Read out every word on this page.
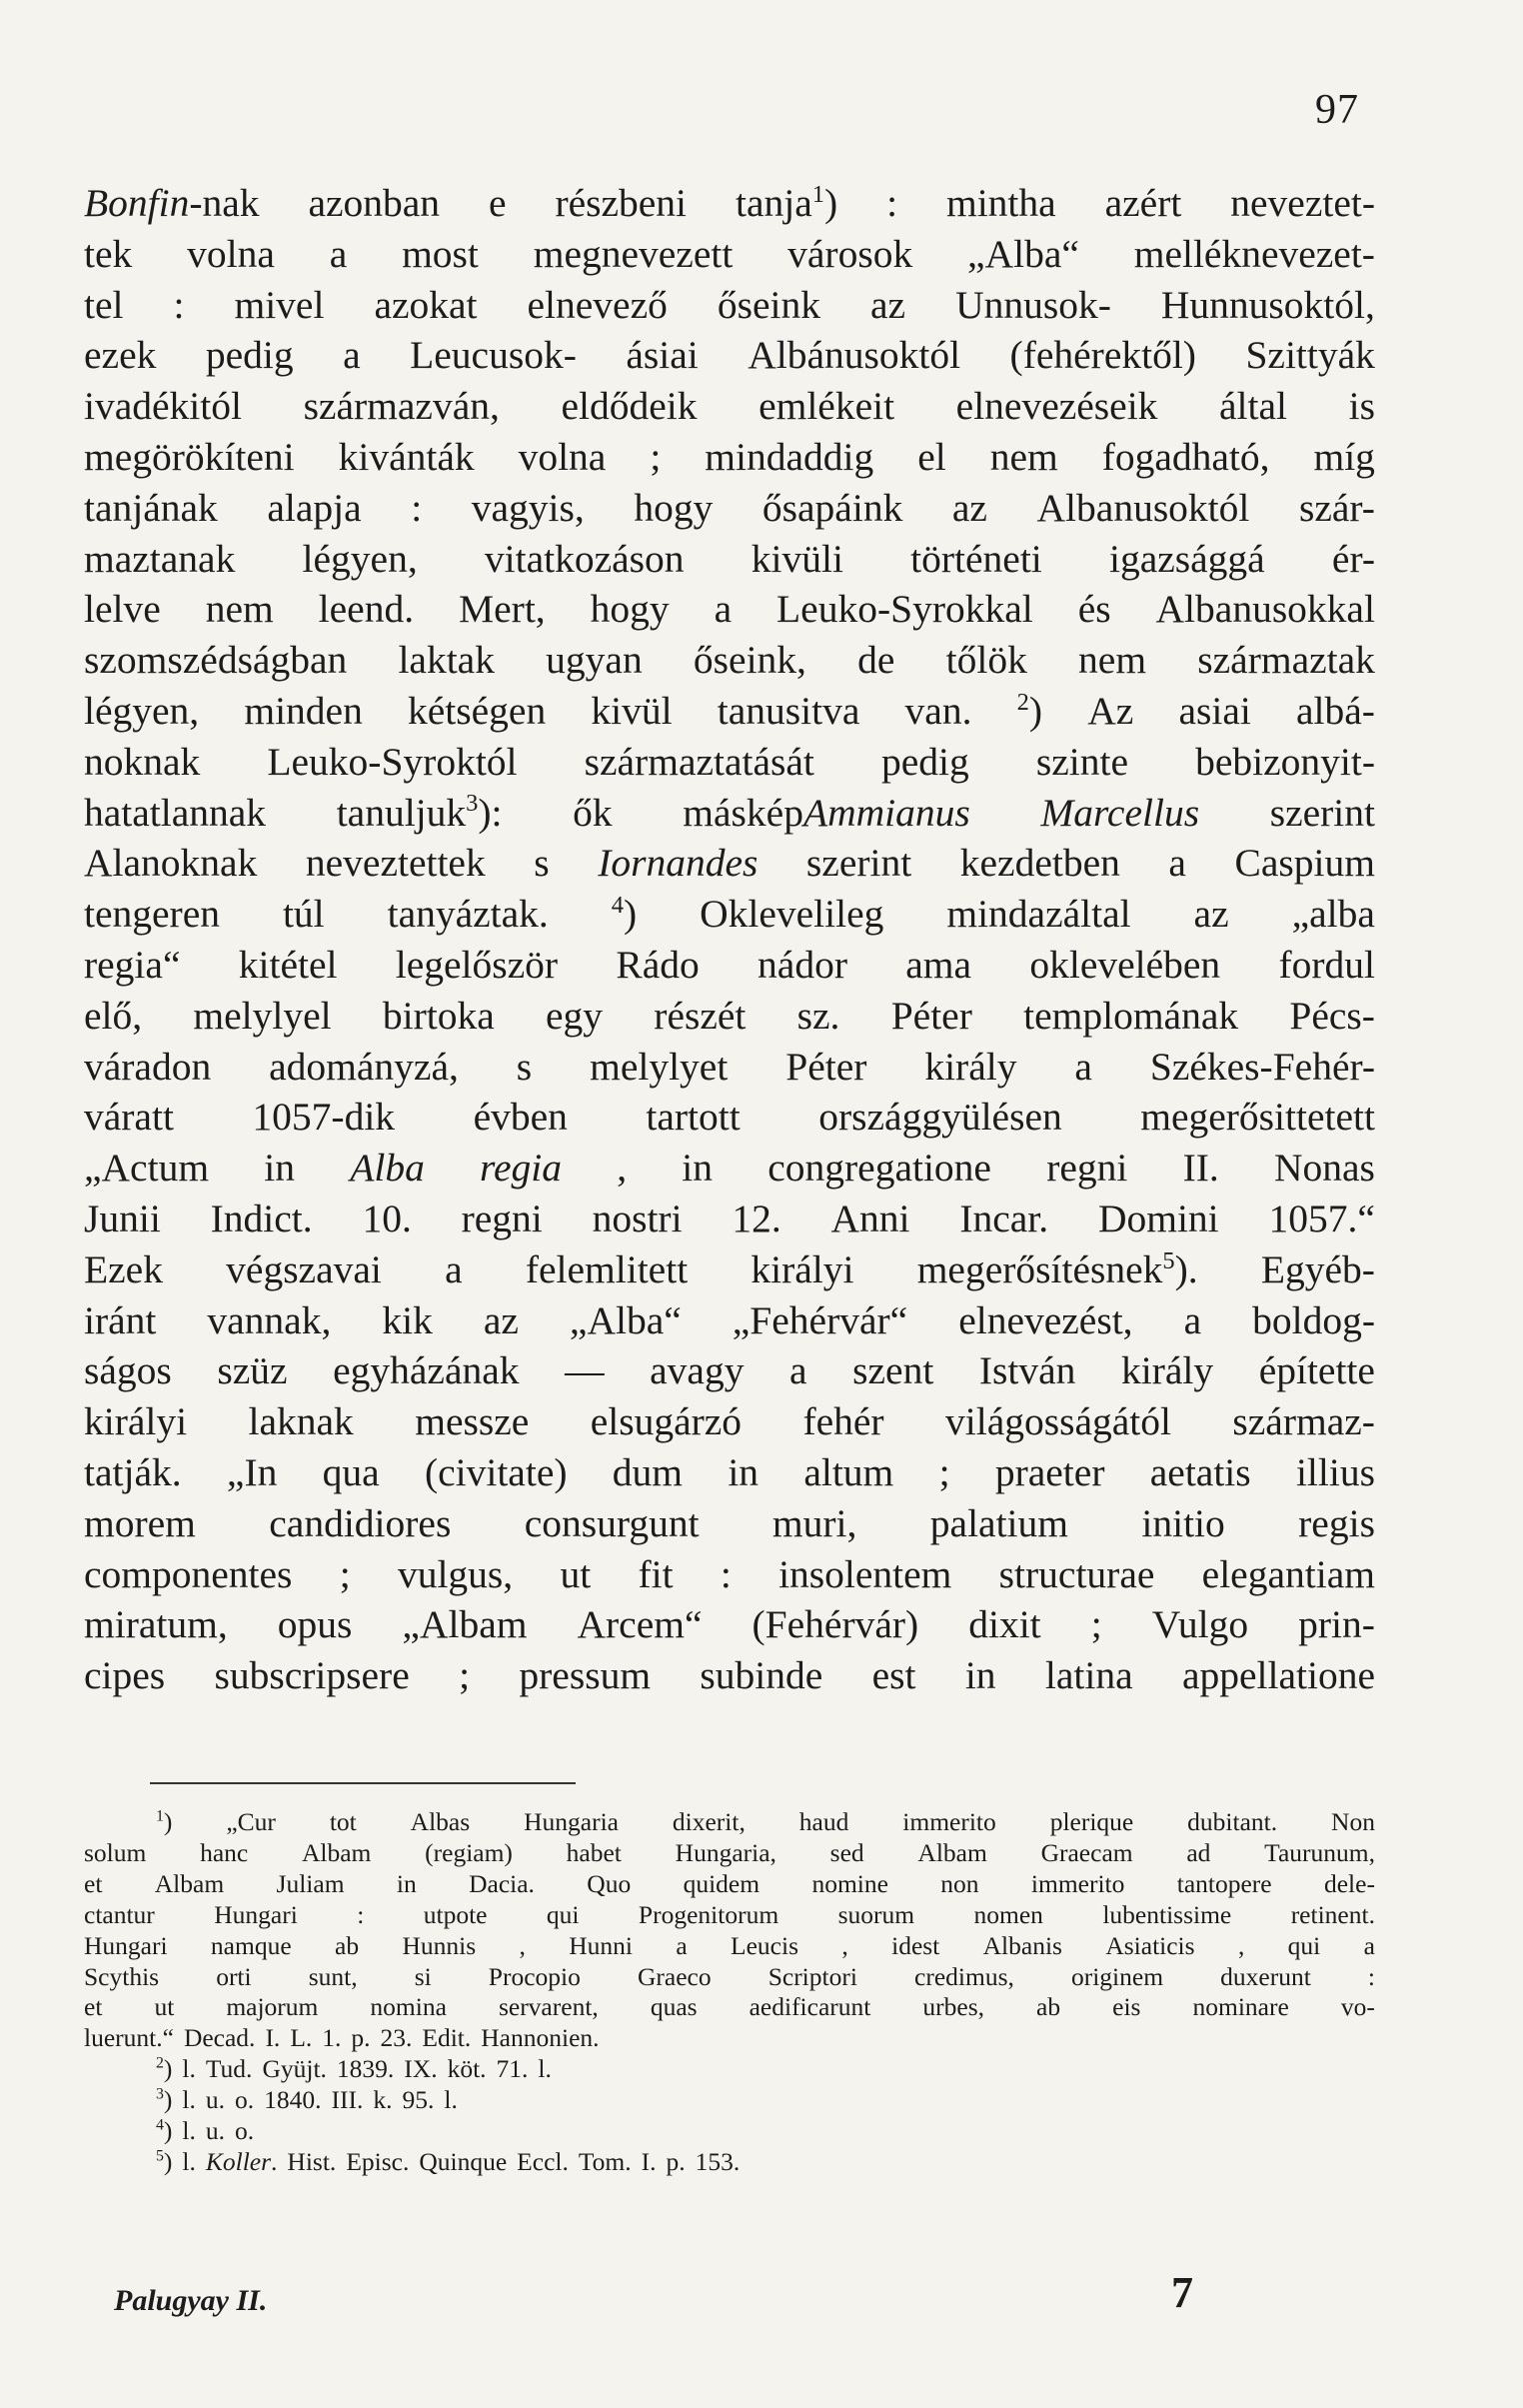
97
Bonfin-nak azonban e részbeni tanja1) : mintha azért neveztet-
tek volna a most megnevezett városok „Alba“ melléknevezet-
tel : mivel azokat elnevező őseink az Unnusok- Hunnusoktól,
ezek pedig a Leucusok- ásiai Albánusoktól (fehérektől) Szittyák
ivadékitól származván, eldődeik emlékeit elnevezéseik által is
megörökíteni kivánták volna ; mindaddig el nem fogadható, míg
tanjának alapja : vagyis, hogy ősapáink az Albanusoktól szár-
maztanak légyen, vitatkozáson kivüli történeti igazsággá ér-
lelve nem leend. Mert, hogy a Leuko-Syrokkal és Albanusokkal
szomszédságban laktak ugyan őseink, de tőlök nem származtak
légyen, minden kétségen kivül tanusitva van. 2) Az asiai albá-
noknak Leuko-Syroktól származtatását pedig szinte bebizonyit-
hatatlannak tanuljuk3): ők másképAmmianus Marcellus szerint
Alanoknak neveztettek s Iornandes szerint kezdetben a Caspium
tengeren túl tanyáztak.	4) Oklevelileg mindazáltal az „alba
regia“ kitétel legelőször Rádo nádor ama oklevelében fordul
elő, melylyel birtoka egy részét sz. Péter templomának Pécs-
váradon adományzá, s melylyet Péter király a Székes-Fehér-
váratt 1057-dik évben tartott országgyülésen megerősittetett
„Actum in Alba regia , in congregatione regni II. Nonas
Junii Indict. 10. regni nostri 12. Anni Incar. Domini 1057.“
Ezek végszavai a felemlitett királyi megerősítésnek5). Egyéb-
iránt vannak, kik az „Alba“ „Fehérvár“ elnevezést, a boldog-
ságos szüz egyházának — avagy a szent István király építette
királyi laknak messze elsugárzó fehér világosságától származ-
tatják. „In qua (civitate) dum in altum ; praeter aetatis illius
morem candidiores consurgunt muri, palatium initio regis
componentes ; vulgus, ut fit : insolentem structurae elegantiam
miratum, opus „Albam Arcem“ (Fehérvár) dixit ; Vulgo prin-
cipes subscripsere ; pressum subinde est in latina appellatione
$^1$) „Cur tot Albas Hungaria dixerit, haud immerito plerique dubitant. Non
solum hanc Albam (regiam) habet Hungaria, sed Albam Graecam ad Taurunum,
et Albam Juliam in Dacia. Quo quidem nomine non immerito tantopere dele-
ctantur Hungari : utpote qui Progenitorum suorum nomen lubentissime retinent.
Hungari namque ab Hunnis , Hunni a Leucis , idest Albanis Asiaticis , qui a
Scythis orti sunt, si Procopio Graeco Scriptori credimus, originem duxerunt :
et ut majorum nomina servarent, quas aedificarunt urbes, ab eis nominare vo-
luerunt.“ Decad. I. L. 1. p. 23. Edit. Hannonien.
$^2$) l. Tud. Gyüjt. 1839. IX. köt. 71. l.
$^3$) l. u. o. 1840. III. k. 95. l.
$^4$) l. u. o.
$^5$) l. Koller. Hist. Episc. Quinque Eccl. Tom. I. p. 153.
Palugyay II.	7
